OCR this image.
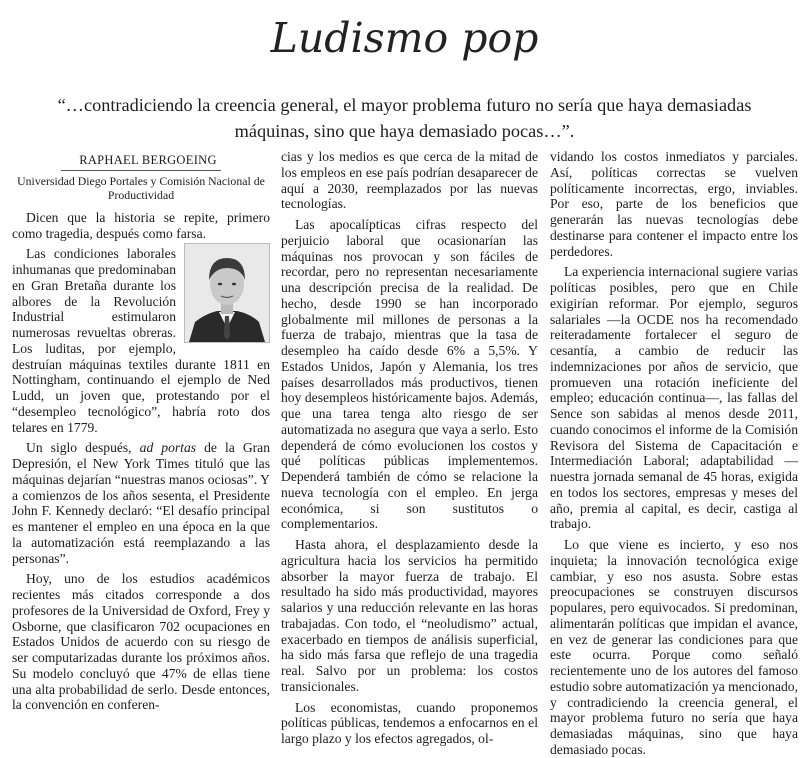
Ludismo pop
“…contradiciendo la creencia general, el mayor problema futuro no sería que haya demasiadas máquinas, sino que haya demasiado pocas…”.

RAPHAEL BERGOEING

Universidad Diego Portales y Comisión Nacional de Productividad

Dicen que la historia se repite, primero como tragedia, después como farsa.

Las condiciones laborales inhumanas que predominaban en Gran Bretaña durante los albores de la Revolución Industrial estimularon numerosas revueltas obreras. Los luditas, por ejemplo, destruían máquinas textiles durante 1811 en Nottingham, continuando el ejemplo de Ned Ludd, un joven que, protestando por el “desempleo tecnológico”, habría roto dos telares en 1779.

Un siglo después, ad portas de la Gran Depresión, el New York Times tituló que las máquinas dejarían “nuestras manos ociosas”. Y a comienzos de los años sesenta, el Presidente John F. Kennedy declaró: “El desafío principal es mantener el empleo en una época en la que la automatización está reemplazando a las personas”.

Hoy, uno de los estudios académicos recientes más citados corresponde a dos profesores de la Universidad de Oxford, Frey y Osborne, que clasificaron 702 ocupaciones en Estados Unidos de acuerdo con su riesgo de ser computarizadas durante los próximos años. Su modelo concluyó que 47% de ellas tiene una alta probabilidad de serlo. Desde entonces, la convención en conferen-

cias y los medios es que cerca de la mitad de los empleos en ese país podrían desaparecer de aquí a 2030, reemplazados por las nuevas tecnologías.

Las apocalípticas cifras respecto del perjuicio laboral que ocasionarían las máquinas nos provocan y son fáciles de recordar, pero no representan necesariamente una descripción precisa de la realidad. De hecho, desde 1990 se han incorporado globalmente mil millones de personas a la fuerza de trabajo, mientras que la tasa de desempleo ha caído desde 6% a 5,5%. Y Estados Unidos, Japón y Alemania, los tres países desarrollados más productivos, tienen hoy desempleos históricamente bajos. Además, que una tarea tenga alto riesgo de ser automatizada no asegura que vaya a serlo. Esto dependerá de cómo evolucionen los costos y qué políticas públicas implementemos. Dependerá también de cómo se relacione la nueva tecnología con el empleo. En jerga económica, si son sustitutos o complementarios.

Hasta ahora, el desplazamiento desde la agricultura hacia los servicios ha permitido absorber la mayor fuerza de trabajo. El resultado ha sido más productividad, mayores salarios y una reducción relevante en las horas trabajadas. Con todo, el “neoludismo” actual, exacerbado en tiempos de análisis superficial, ha sido más farsa que reflejo de una tragedia real. Salvo por un problema: los costos transicionales.

Los economistas, cuando proponemos políticas públicas, tendemos a enfocarnos en el largo plazo y los efectos agregados, ol-

vidando los costos inmediatos y parciales. Así, políticas correctas se vuelven políticamente incorrectas, ergo, inviables. Por eso, parte de los beneficios que generarán las nuevas tecnologías debe destinarse para contener el impacto entre los perdedores.

La experiencia internacional sugiere varias políticas posibles, pero que en Chile exigirían reformar. Por ejemplo, seguros salariales —la OCDE nos ha recomendado reiteradamente fortalecer el seguro de cesantía, a cambio de reducir las indemnizaciones por años de servicio, que promueven una rotación ineficiente del empleo; educación continua—, las fallas del Sence son sabidas al menos desde 2011, cuando conocimos el informe de la Comisión Revisora del Sistema de Capacitación e Intermediación Laboral; adaptabilidad —nuestra jornada semanal de 45 horas, exigida en todos los sectores, empresas y meses del año, premia al capital, es decir, castiga al trabajo.

Lo que viene es incierto, y eso nos inquieta; la innovación tecnológica exige cambiar, y eso nos asusta. Sobre estas preocupaciones se construyen discursos populares, pero equivocados. Si predominan, alimentarán políticas que impidan el avance, en vez de generar las condiciones para que este ocurra. Porque como señaló recientemente uno de los autores del famoso estudio sobre automatización ya mencionado, y contradiciendo la creencia general, el mayor problema futuro no sería que haya demasiadas máquinas, sino que haya demasiado pocas.
